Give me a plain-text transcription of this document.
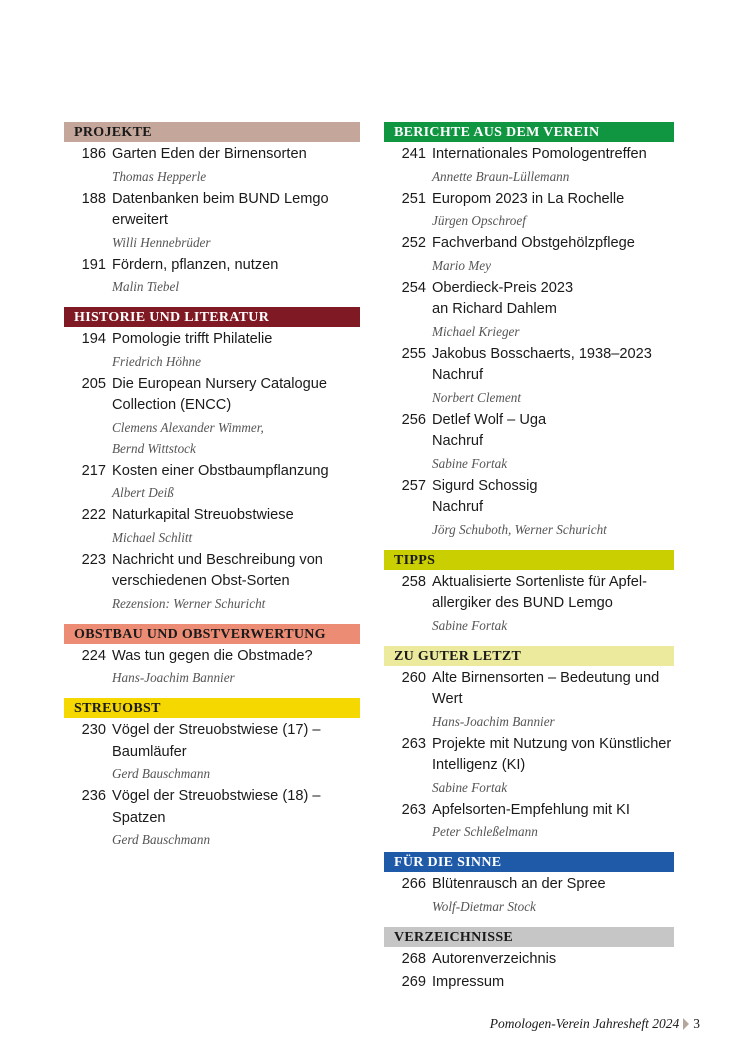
PROJEKTE
186 Garten Eden der Birnensorten
Thomas Hepperle
188 Datenbanken beim BUND Lemgo
erweitert
Willi Hennebrüder
191 Fördern, pflanzen, nutzen
Malin Tiebel
HISTORIE UND LITERATUR
194 Pomologie trifft Philatelie
Friedrich Höhne
205 Die European Nursery Catalogue
Collection (ENCC)
Clemens Alexander Wimmer,
Bernd Wittstock
217 Kosten einer Obstbaumpflanzung
Albert Deiß
222 Naturkapital Streuobstwiese
Michael Schlitt
223 Nachricht und Beschreibung von
verschiedenen Obst-Sorten
Rezension: Werner Schuricht
OBSTBAU UND OBSTVERWERTUNG
224 Was tun gegen die Obstmade?
Hans-Joachim Bannier
STREUOBST
230 Vögel der Streuobstwiese (17) –
Baumläufer
Gerd Bauschmann
236 Vögel der Streuobstwiese (18) –
Spatzen
Gerd Bauschmann
BERICHTE AUS DEM VEREIN
241 Internationales Pomologentreffen
Annette Braun-Lüllemann
251 Europom 2023 in La Rochelle
Jürgen Opschroef
252 Fachverband Obstgehölzpflege
Mario Mey
254 Oberdieck-Preis 2023
an Richard Dahlem
Michael Krieger
255 Jakobus Bosschaerts, 1938–2023
Nachruf
Norbert Clement
256 Detlef Wolf – Uga
Nachruf
Sabine Fortak
257 Sigurd Schossig
Nachruf
Jörg Schuboth, Werner Schuricht
TIPPS
258 Aktualisierte Sortenliste für Apfel-
allergiker des BUND Lemgo
Sabine Fortak
ZU GUTER LETZT
260 Alte Birnensorten – Bedeutung und
Wert
Hans-Joachim Bannier
263 Projekte mit Nutzung von Künstlicher
Intelligenz (KI)
Sabine Fortak
263 Apfelsorten-Empfehlung mit KI
Peter Schleßelmann
FÜR DIE SINNE
266 Blütenrausch an der Spree
Wolf-Dietmar Stock
VERZEICHNISSE
268 Autorenverzeichnis
269 Impressum
Pomologen-Verein Jahresheft 2024 3
